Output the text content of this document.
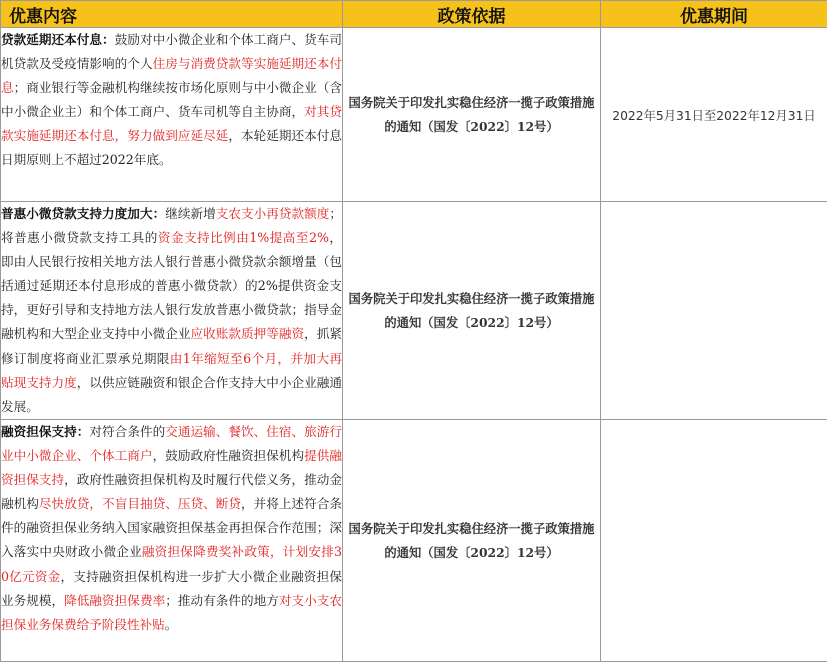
优惠内容	政策依据	优惠期间

贷款延期还本付息：鼓励对中小微企业和个体工商户、货车司机贷款及受疫情影响的个人住房与消费贷款等实施延期还本付息；商业银行等金融机构继续按市场化原则与中小微企业（含中小微企业主）和个体工商户、货车司机等自主协商，对其贷款实施延期还本付息，努力做到应延尽延，本轮延期还本付息日期原则上不超过2022年底。	国务院关于印发扎实稳住经济一揽子政策措施的通知（国发〔2022〕12号）	2022年5月31日至2022年12月31日

普惠小微贷款支持力度加大：继续新增支农支小再贷款额度；将普惠小微贷款支持工具的资金支持比例由1%提高至2%，即由人民银行按相关地方法人银行普惠小微贷款余额增量（包括通过延期还本付息形成的普惠小微贷款）的2%提供资金支持，更好引导和支持地方法人银行发放普惠小微贷款；指导金融机构和大型企业支持中小微企业应收账款质押等融资，抓紧修订制度将商业汇票承兑期限由1年缩短至6个月，并加大再贴现支持力度，以供应链融资和银企合作支持大中小企业融通发展。	国务院关于印发扎实稳住经济一揽子政策措施的通知（国发〔2022〕12号）	

融资担保支持：对符合条件的交通运输、餐饮、住宿、旅游行业中小微企业、个体工商户，鼓励政府性融资担保机构提供融资担保支持，政府性融资担保机构及时履行代偿义务，推动金融机构尽快放贷，不盲目抽贷、压贷、断贷，并将上述符合条件的融资担保业务纳入国家融资担保基金再担保合作范围；深入落实中央财政小微企业融资担保降费奖补政策，计划安排30亿元资金，支持融资担保机构进一步扩大小微企业融资担保业务规模，降低融资担保费率；推动有条件的地方对支小支农担保业务保费给予阶段性补贴。	国务院关于印发扎实稳住经济一揽子政策措施的通知（国发〔2022〕12号）	
